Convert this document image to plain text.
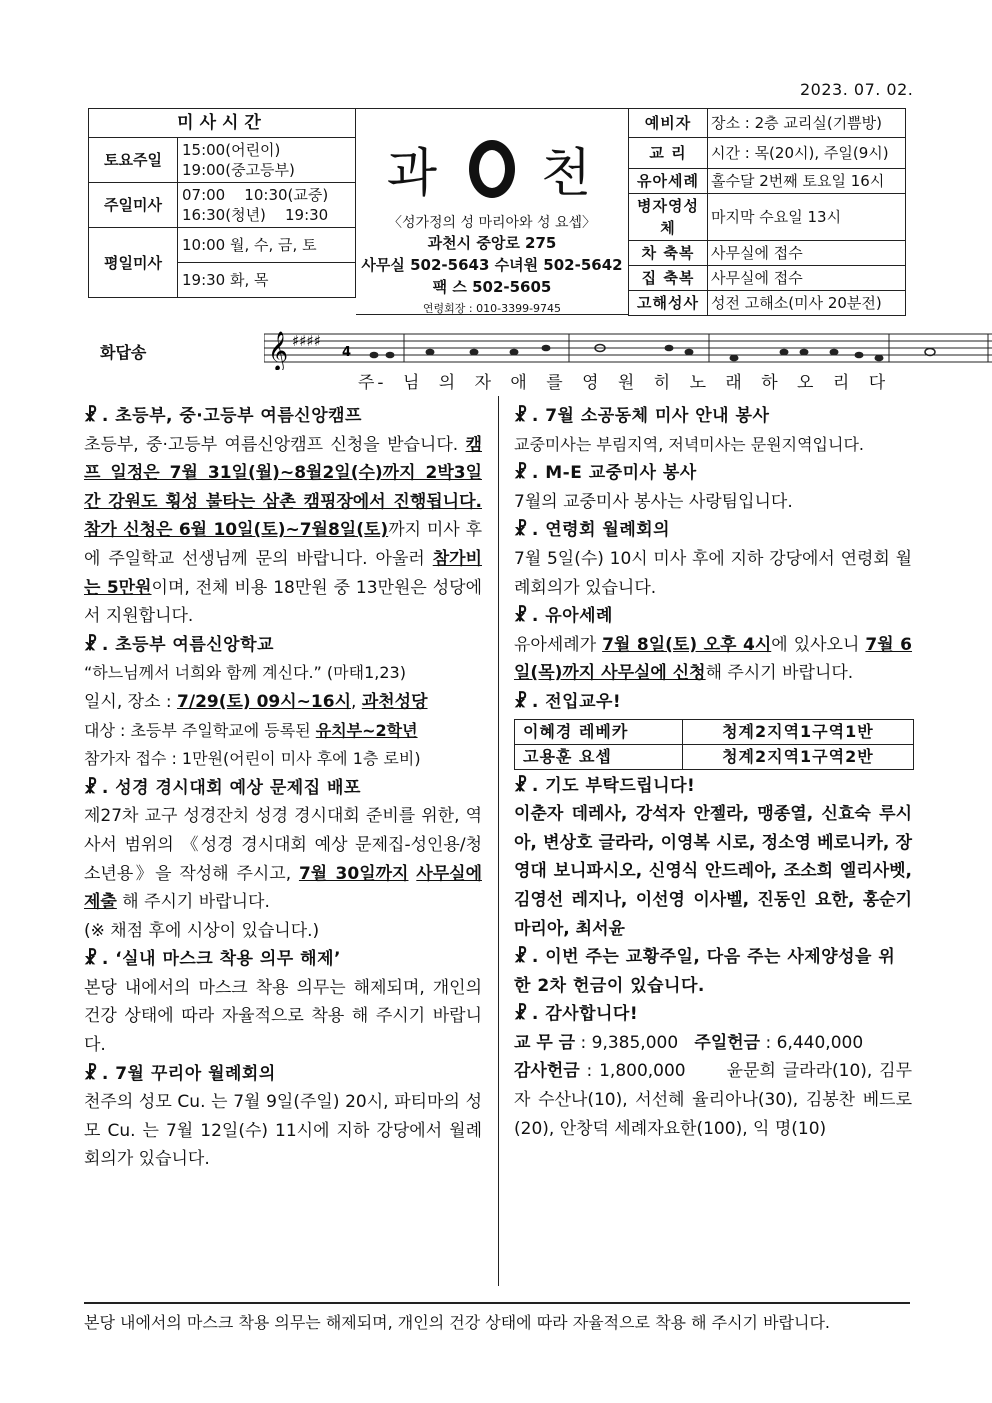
2023. 07. 02.
미사시간	
토요주일	15:00(어린이)
19:00(중고등부)

주일미사	07:00    10:30(교중)
16:30(청년)    19:30

평일미사	10:00 월, 수, 금, 토
	19:30 화, 목
과 천
〈성가정의 성 마리아와 성 요셉〉
과천시 중앙로 275
사무실 502-5643 수녀원 502-5642
팩 스 502-5605
연령회장 : 010-3399-9745
예비자	장소 : 2층 교리실(기쁨방)
교 리	시간 : 목(20시), 주일(9시)
유아세례	홀수달 2번째 토요일 16시
병자영성체	마지막 수요일 13시
차 축복	사무실에 접수
집 축복	사무실에 접수
고해성사	성전 고해소(미사 20분전)
화답송	𝄞 ♯♯♯♯
4
주- 님 의 자 애 를 영 원 히 노 래 하 오 리 다
☧ . 초등부, 중·고등부 여름신앙캠프

초등부, 중·고등부 여름신앙캠프 신청을 받습니다. 캠프 일정은 7월 31일(월)~8월2일(수)까지 2박3일간 강원도 횡성 불타는 삼촌 캠핑장에서 진행됩니다. 참가 신청은 6월 10일(토)~7월8일(토)까지 미사 후에 주일학교 선생님께 문의 바랍니다. 아울러 참가비는 5만원이며, 전체 비용 18만원 중 13만원은 성당에서 지원합니다.

☧ . 초등부 여름신앙학교

“하느님께서 너희와 함께 계신다.” (마태1,23)

일시, 장소 : 7/29(토) 09시~16시, 과천성당

대상 : 초등부 주일학교에 등록된 유치부~2학년

참가자 접수 : 1만원(어린이 미사 후에 1층 로비)

☧ . 성경 경시대회 예상 문제집 배포

제27차 교구 성경잔치 성경 경시대회 준비를 위한, 역사서 범위의 《성경 경시대회 예상 문제집-성인용/청소년용》을 작성해 주시고, 7월 30일까지 사무실에 제출 해 주시기 바랍니다.

(※ 채점 후에 시상이 있습니다.)

☧ . ‘실내 마스크 착용 의무 해제’

본당 내에서의 마스크 착용 의무는 해제되며, 개인의 건강 상태에 따라 자율적으로 착용 해 주시기 바랍니다.

☧ . 7월 꾸리아 월례회의

천주의 성모 Cu. 는 7월 9일(주일) 20시, 파티마의 성모 Cu. 는 7월 12일(수) 11시에 지하 강당에서 월례회의가 있습니다.

☧ . 7월 소공동체 미사 안내 봉사

교중미사는 부림지역, 저녁미사는 문원지역입니다.

☧ . M-E 교중미사 봉사

7월의 교중미사 봉사는 사랑팀입니다.

☧ . 연령회 월례회의

7월 5일(수) 10시 미사 후에 지하 강당에서 연령회 월례회의가 있습니다.

☧ . 유아세례

유아세례가 7월 8일(토) 오후 4시에 있사오니 7월 6일(목)까지 사무실에 신청해 주시기 바랍니다.

☧ . 전입교우!
이혜경 레베카	청계2지역1구역1반
고용훈 요셉	청계2지역1구역2반
☧ . 기도 부탁드립니다!

이춘자 데레사, 강석자 안젤라, 맹종열, 신효숙 루시아, 변상호 글라라, 이영복 시로, 정소영 베로니카, 장영대 보니파시오, 신영식 안드레아, 조소희 엘리사벳, 김영선 레지나, 이선영 이사벨, 진동인 요한, 홍순기 마리아, 최서윤

☧ . 이번 주는 교황주일, 다음 주는 사제양성을 위한 2차 헌금이 있습니다.
☧ . 감사합니다!

교 무 금 : 9,385,000 주일헌금 : 6,440,000

감사헌금 : 1,800,000      윤문희 글라라(10), 김무자 수산나(10), 서선혜 율리아나(30), 김봉찬 베드로(20), 안창덕 세례자요한(100), 익 명(10)

본당 내에서의 마스크 착용 의무는 해제되며, 개인의 건강 상태에 따라 자율적으로 착용 해 주시기 바랍니다.
